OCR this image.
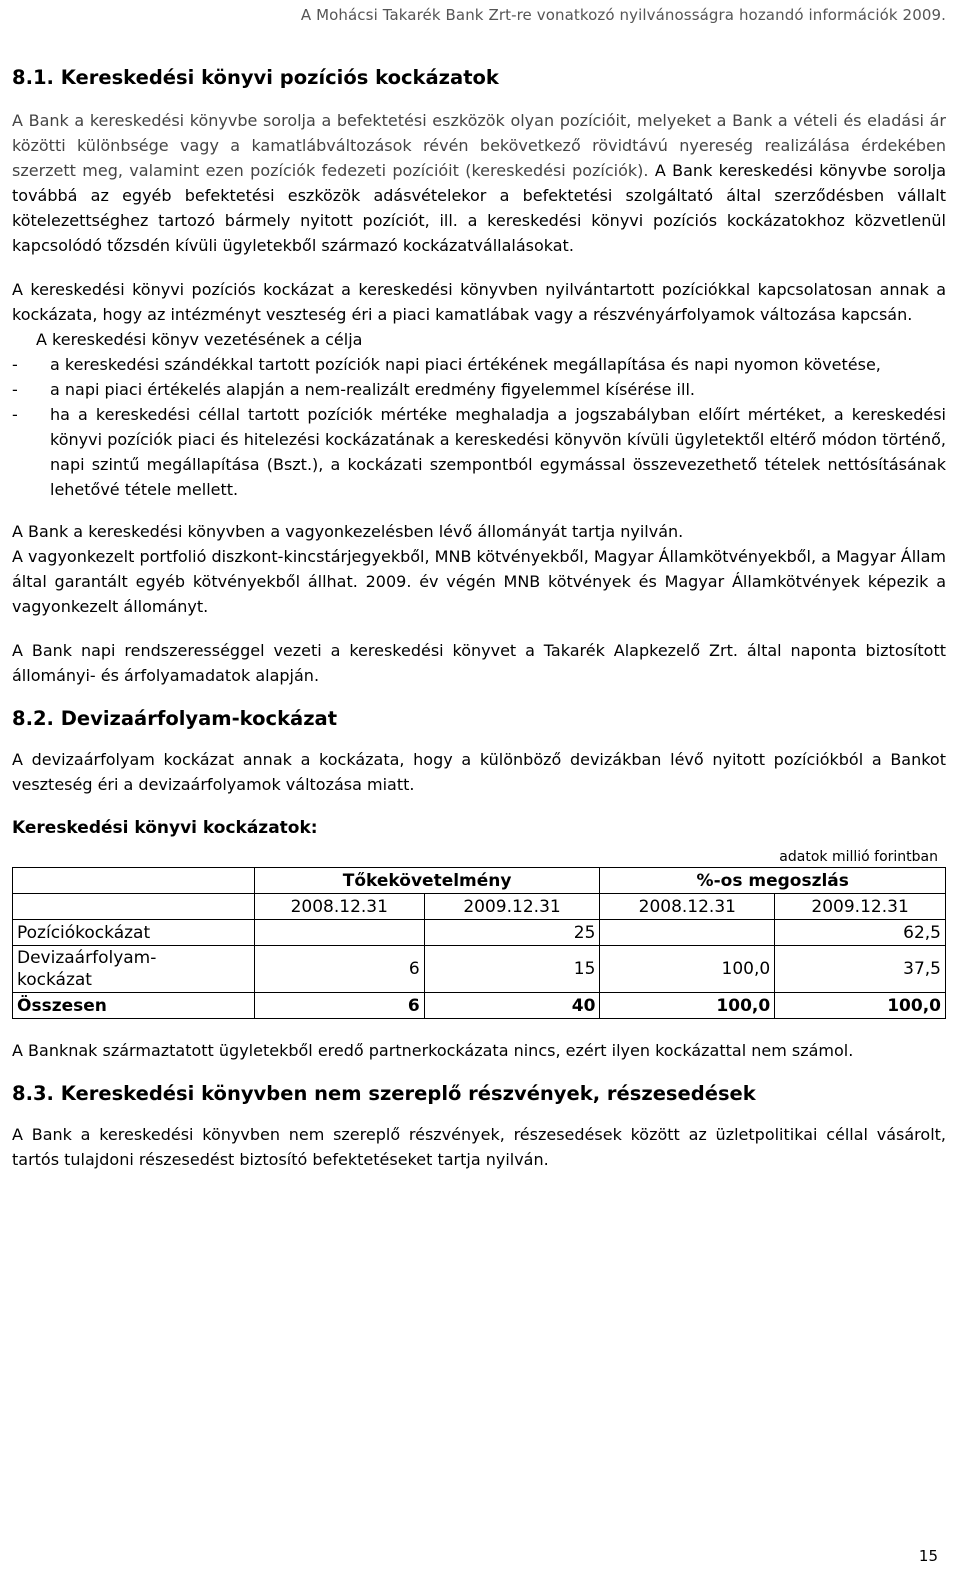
A Mohácsi Takarék Bank Zrt-re vonatkozó nyilvánosságra hozandó információk 2009.
8.1. Kereskedési könyvi pozíciós kockázatok

A Bank a kereskedési könyvbe sorolja a befektetési eszközök olyan pozícióit, melyeket a Bank a vételi és eladási ár közötti különbsége vagy a kamatlábváltozások révén bekövetkező rövidtávú nyereség realizálása érdekében szerzett meg, valamint ezen pozíciók fedezeti pozícióit (kereskedési pozíciók). A Bank kereskedési könyvbe sorolja továbbá az egyéb befektetési eszközök adásvételekor a befektetési szolgáltató által szerződésben vállalt kötelezettséghez tartozó bármely nyitott pozíciót, ill. a kereskedési könyvi pozíciós kockázatokhoz közvetlenül kapcsolódó tőzsdén kívüli ügyletekből származó kockázatvállalásokat.

A kereskedési könyvi pozíciós kockázat a kereskedési könyvben nyilvántartott pozíciókkal kapcsolatosan annak a kockázata, hogy az intézményt veszteség éri a piaci kamatlábak vagy a részvényárfolyamok változása kapcsán.

A kereskedési könyv vezetésének a célja
-	a kereskedési szándékkal tartott pozíciók napi piaci értékének megállapítása és napi nyomon követése,
-	a napi piaci értékelés alapján a nem-realizált eredmény figyelemmel kísérése ill.
-	ha a kereskedési céllal tartott pozíciók mértéke meghaladja a jogszabályban előírt mértéket, a kereskedési könyvi pozíciók piaci és hitelezési kockázatának a kereskedési könyvön kívüli ügyletektől eltérő módon történő, napi szintű megállapítása (Bszt.), a kockázati szempontból egymással összevezethető tételek nettósításának lehetővé tétele mellett.

A Bank a kereskedési könyvben a vagyonkezelésben lévő állományát tartja nyilván.

A vagyonkezelt portfolió diszkont-kincstárjegyekből, MNB kötvényekből, Magyar Államkötvényekből, a Magyar Állam által garantált egyéb kötvényekből állhat. 2009. év végén MNB kötvények és Magyar Államkötvények képezik a vagyonkezelt állományt.

A Bank napi rendszerességgel vezeti a kereskedési könyvet a Takarék Alapkezelő Zrt. által naponta biztosított állományi- és árfolyamadatok alapján.

8.2. Devizaárfolyam-kockázat

A devizaárfolyam kockázat annak a kockázata, hogy a különböző devizákban lévő nyitott pozíciókból a Bankot veszteség éri a devizaárfolyamok változása miatt.

Kereskedési könyvi kockázatok:

adatok millió forintban
	Tőkekövetelmény		%-os megoszlás	
	2008.12.31	2009.12.31	2008.12.31	2009.12.31
Pozíciókockázat		25		62,5
Devizaárfolyam-kockázat	6	15	100,0	37,5
Összesen	6	40	100,0	100,0

A Banknak származtatott ügyletekből eredő partnerkockázata nincs, ezért ilyen kockázattal nem számol.

8.3. Kereskedési könyvben nem szereplő részvények, részesedések

A Bank a kereskedési könyvben nem szereplő részvények, részesedések között az üzletpolitikai céllal vásárolt, tartós tulajdoni részesedést biztosító befektetéseket tartja nyilván.

15
